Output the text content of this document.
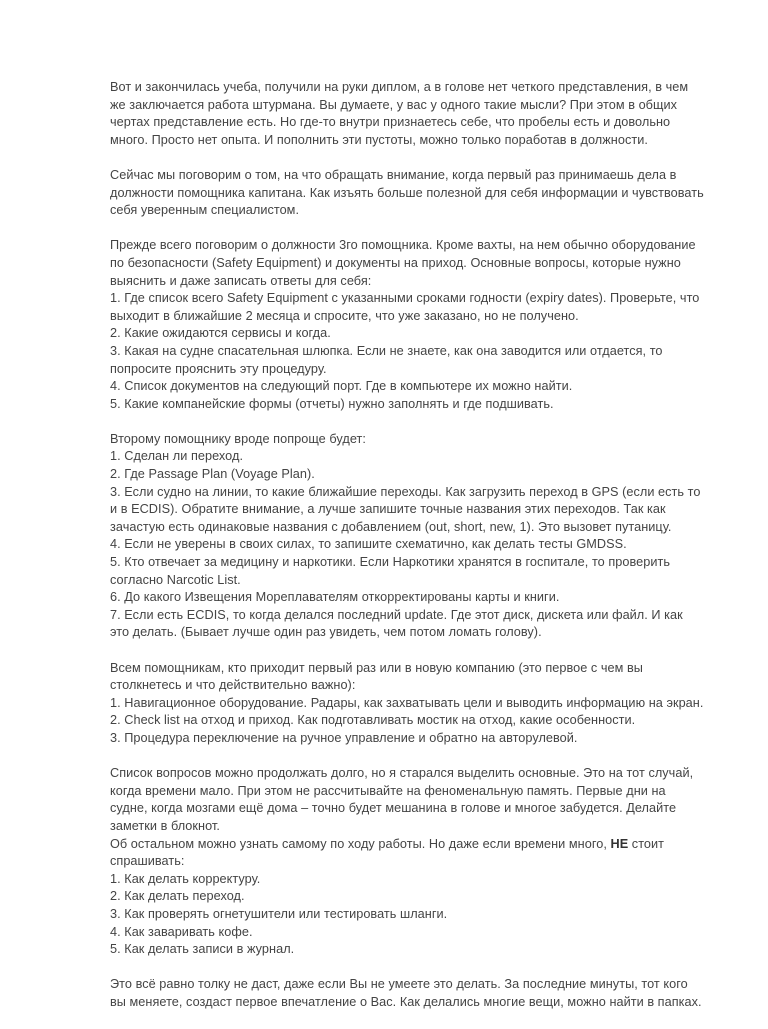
Вот и закончилась учеба, получили на руки диплом, а в голове нет четкого представления, в чем
же заключается работа штурмана. Вы думаете, у вас у одного такие мысли? При этом в общих
чертах представление есть. Но где-то внутри признаетесь себе, что пробелы есть и довольно
много. Просто нет опыта. И пополнить эти пустоты, можно только поработав в должности.
Сейчас мы поговорим о том, на что обращать внимание, когда первый раз принимаешь дела в
должности помощника капитана. Как изъять больше полезной для себя информации и чувствовать
себя уверенным специалистом.
Прежде всего поговорим о должности 3го помощника. Кроме вахты, на нем обычно оборудование
по безопасности (Safety Equipment) и документы на приход. Основные вопросы, которые нужно
выяснить и даже записать ответы для себя:
1. Где список всего Safety Equipment с указанными сроками годности (expiry dates). Проверьте, что
выходит в ближайшие 2 месяца и спросите, что уже заказано, но не получено.
2. Какие ожидаются сервисы и когда.
3. Какая на судне спасательная шлюпка. Если не знаете, как она заводится или отдается, то
попросите прояснить эту процедуру.
4. Список документов на следующий порт. Где в компьютере их можно найти.
5. Какие компанейские формы (отчеты) нужно заполнять и где подшивать.
Второму помощнику вроде попроще будет:
1. Сделан ли переход.
2. Где Passage Plan (Voyage Plan).
3. Если судно на линии, то какие ближайшие переходы. Как загрузить переход в GPS (если есть то
и в ECDIS). Обратите внимание, а лучше запишите точные названия этих переходов. Так как
зачастую есть одинаковые названия с добавлением (out, short, new, 1). Это вызовет путаницу.
4. Если не уверены в своих силах, то запишите схематично, как делать тесты GMDSS.
5. Кто отвечает за медицину и наркотики. Если Наркотики хранятся в госпитале, то проверить
согласно Narcotic List.
6. До какого Извещения Мореплавателям откорректированы карты и книги.
7. Если есть ECDIS, то когда делался последний update. Где этот диск, дискета или файл. И как
это делать. (Бывает лучше один раз увидеть, чем потом ломать голову).
Всем помощникам, кто приходит первый раз или в новую компанию (это первое с чем вы
столкнетесь и что действительно важно):
1. Навигационное оборудование. Радары, как захватывать цели и выводить информацию на экран.
2. Check list на отход и приход. Как подготавливать мостик на отход, какие особенности.
3. Процедура переключение на ручное управление и обратно на авторулевой.
Список вопросов можно продолжать долго, но я старался выделить основные. Это на тот случай,
когда времени мало. При этом не рассчитывайте на феноменальную память. Первые дни на
судне, когда мозгами ещё дома – точно будет мешанина в голове и многое забудется. Делайте
заметки в блокнот.
Об остальном можно узнать самому по ходу работы. Но даже если времени много, НЕ стоит
спрашивать:
1. Как делать корректуру.
2. Как делать переход.
3. Как проверять огнетушители или тестировать шланги.
4. Как заваривать кофе.
5. Как делать записи в журнал.
Это всё равно толку не даст, даже если Вы не умеете это делать. За последние минуты, тот кого
вы меняете, создаст первое впечатление о Вас. Как делались многие вещи, можно найти в папках.
